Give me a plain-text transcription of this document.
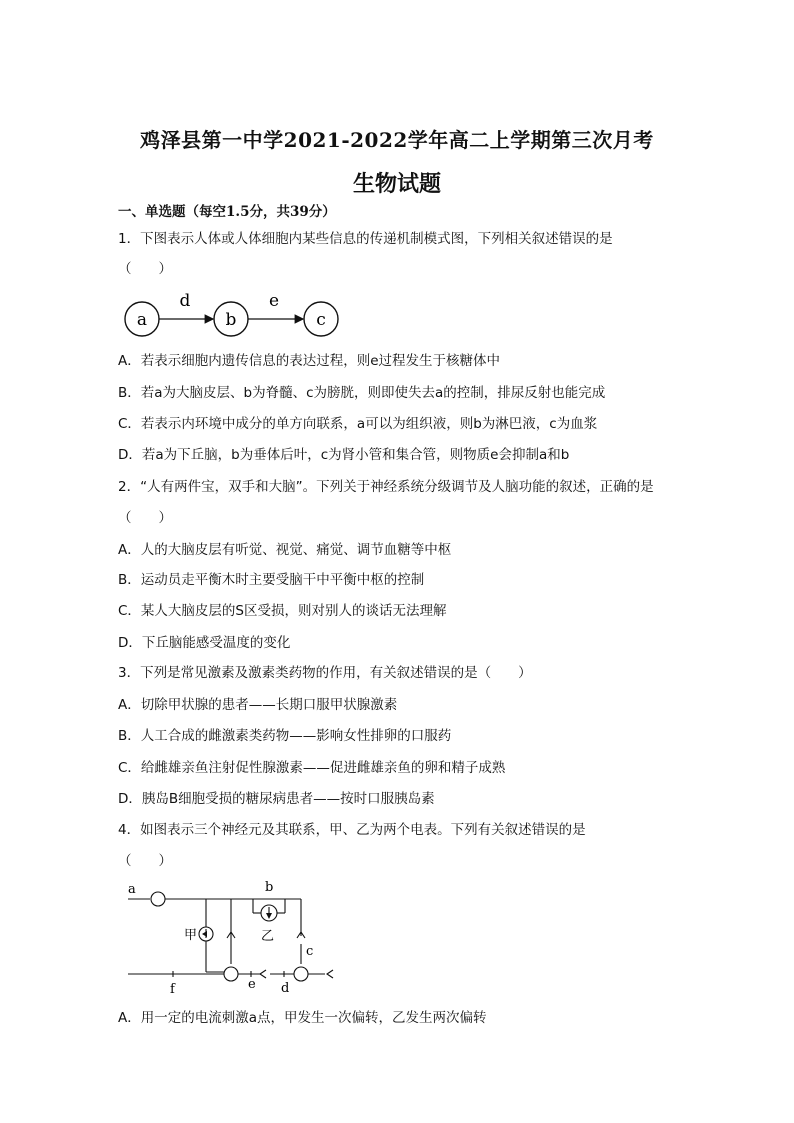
鸡泽县第一中学2021-2022学年高二上学期第三次月考
生物试题
一、单选题（每空1.5分，共39分）
1．下图表示人体或人体细胞内某些信息的传递机制模式图，下列相关叙述错误的是
（　　）
a	b	c
d	e
A．若表示细胞内遗传信息的表达过程，则e过程发生于核糖体中
B．若a为大脑皮层、b为脊髓、c为膀胱，则即使失去a的控制，排尿反射也能完成
C．若表示内环境中成分的单方向联系，a可以为组织液，则b为淋巴液，c为血浆
D．若a为下丘脑，b为垂体后叶，c为肾小管和集合管，则物质e会抑制a和b
2．“人有两件宝，双手和大脑”。下列关于神经系统分级调节及人脑功能的叙述，正确的是
（　　）
A．人的大脑皮层有听觉、视觉、痛觉、调节血糖等中枢
B．运动员走平衡木时主要受脑干中平衡中枢的控制
C．某人大脑皮层的S区受损，则对别人的谈话无法理解
D．下丘脑能感受温度的变化
3．下列是常见激素及激素类药物的作用，有关叙述错误的是（　　）
A．切除甲状腺的患者——长期口服甲状腺激素
B．人工合成的雌激素类药物——影响女性排卵的口服药
C．给雌雄亲鱼注射促性腺激素——促进雌雄亲鱼的卵和精子成熟
D．胰岛B细胞受损的糖尿病患者——按时口服胰岛素
4．如图表示三个神经元及其联系，甲、乙为两个电表。下列有关叙述错误的是
（　　）
a	b
甲	乙
c
f	e d
A．用一定的电流刺激a点，甲发生一次偏转，乙发生两次偏转
